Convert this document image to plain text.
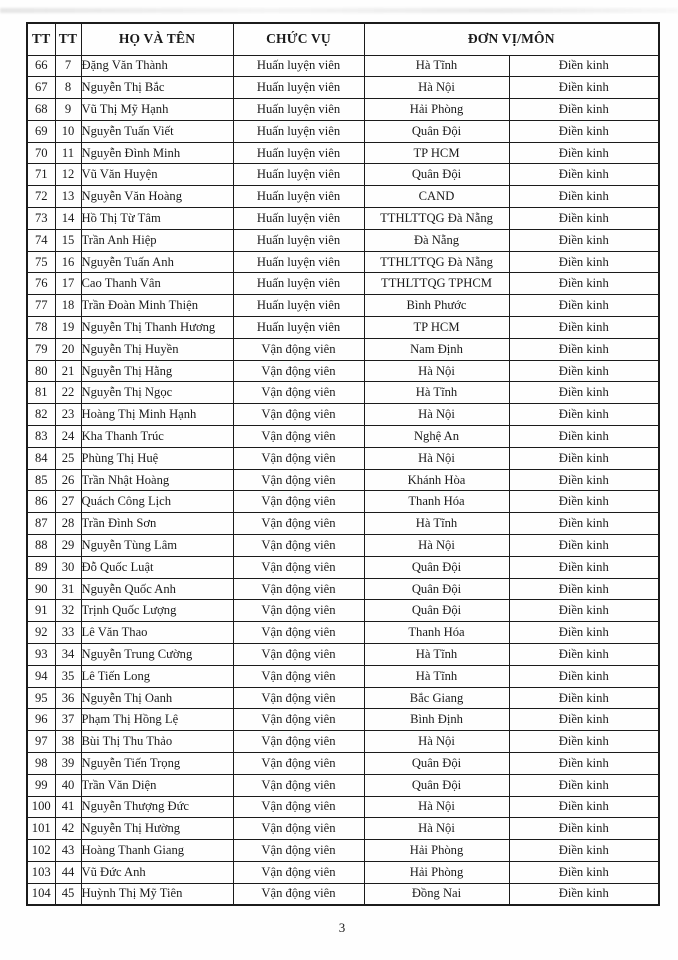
TT	TT	HỌ VÀ TÊN	CHỨC VỤ	ĐƠN VỊ/MÔN	
66	7	Đặng Văn Thành	Huấn luyện viên	Hà Tĩnh	Điền kinh
67	8	Nguyễn Thị Bắc	Huấn luyện viên	Hà Nội	Điền kinh
68	9	Vũ Thị Mỹ Hạnh	Huấn luyện viên	Hải Phòng	Điền kinh
69	10	Nguyễn Tuấn Viết	Huấn luyện viên	Quân Đội	Điền kinh
70	11	Nguyễn Đình Minh	Huấn luyện viên	TP HCM	Điền kinh
71	12	Vũ Văn Huyện	Huấn luyện viên	Quân Đội	Điền kinh
72	13	Nguyễn Văn Hoàng	Huấn luyện viên	CAND	Điền kinh
73	14	Hồ Thị Từ Tâm	Huấn luyện viên	TTHLTTQG Đà Nẵng	Điền kinh
74	15	Trần Anh Hiệp	Huấn luyện viên	Đà Nẵng	Điền kinh
75	16	Nguyễn Tuấn Anh	Huấn luyện viên	TTHLTTQG Đà Nẵng	Điền kinh
76	17	Cao Thanh Vân	Huấn luyện viên	TTHLTTQG TPHCM	Điền kinh
77	18	Trần Đoàn Minh Thiện	Huấn luyện viên	Bình Phước	Điền kinh
78	19	Nguyễn Thị Thanh Hương	Huấn luyện viên	TP HCM	Điền kinh
79	20	Nguyễn Thị Huyền	Vận động viên	Nam Định	Điền kinh
80	21	Nguyễn Thị Hằng	Vận động viên	Hà Nội	Điền kinh
81	22	Nguyễn Thị Ngọc	Vận động viên	Hà Tĩnh	Điền kinh
82	23	Hoàng Thị Minh Hạnh	Vận động viên	Hà Nội	Điền kinh
83	24	Kha Thanh Trúc	Vận động viên	Nghệ An	Điền kinh
84	25	Phùng Thị Huệ	Vận động viên	Hà Nội	Điền kinh
85	26	Trần Nhật Hoàng	Vận động viên	Khánh Hòa	Điền kinh
86	27	Quách Công Lịch	Vận động viên	Thanh Hóa	Điền kinh
87	28	Trần Đình Sơn	Vận động viên	Hà Tĩnh	Điền kinh
88	29	Nguyễn Tùng Lâm	Vận động viên	Hà Nội	Điền kinh
89	30	Đỗ Quốc Luật	Vận động viên	Quân Đội	Điền kinh
90	31	Nguyễn Quốc Anh	Vận động viên	Quân Đội	Điền kinh
91	32	Trịnh Quốc Lượng	Vận động viên	Quân Đội	Điền kinh
92	33	Lê Văn Thao	Vận động viên	Thanh Hóa	Điền kinh
93	34	Nguyễn Trung Cường	Vận động viên	Hà Tĩnh	Điền kinh
94	35	Lê Tiến Long	Vận động viên	Hà Tĩnh	Điền kinh
95	36	Nguyễn Thị Oanh	Vận động viên	Bắc Giang	Điền kinh
96	37	Phạm Thị Hồng Lệ	Vận động viên	Bình Định	Điền kinh
97	38	Bùi Thị Thu Thảo	Vận động viên	Hà Nội	Điền kinh
98	39	Nguyễn Tiến Trọng	Vận động viên	Quân Đội	Điền kinh
99	40	Trần Văn Diện	Vận động viên	Quân Đội	Điền kinh
100	41	Nguyễn Thượng Đức	Vận động viên	Hà Nội	Điền kinh
101	42	Nguyễn Thị Hường	Vận động viên	Hà Nội	Điền kinh
102	43	Hoàng Thanh Giang	Vận động viên	Hải Phòng	Điền kinh
103	44	Vũ Đức Anh	Vận động viên	Hải Phòng	Điền kinh
104	45	Huỳnh Thị Mỹ Tiên	Vận động viên	Đồng Nai	Điền kinh
3
